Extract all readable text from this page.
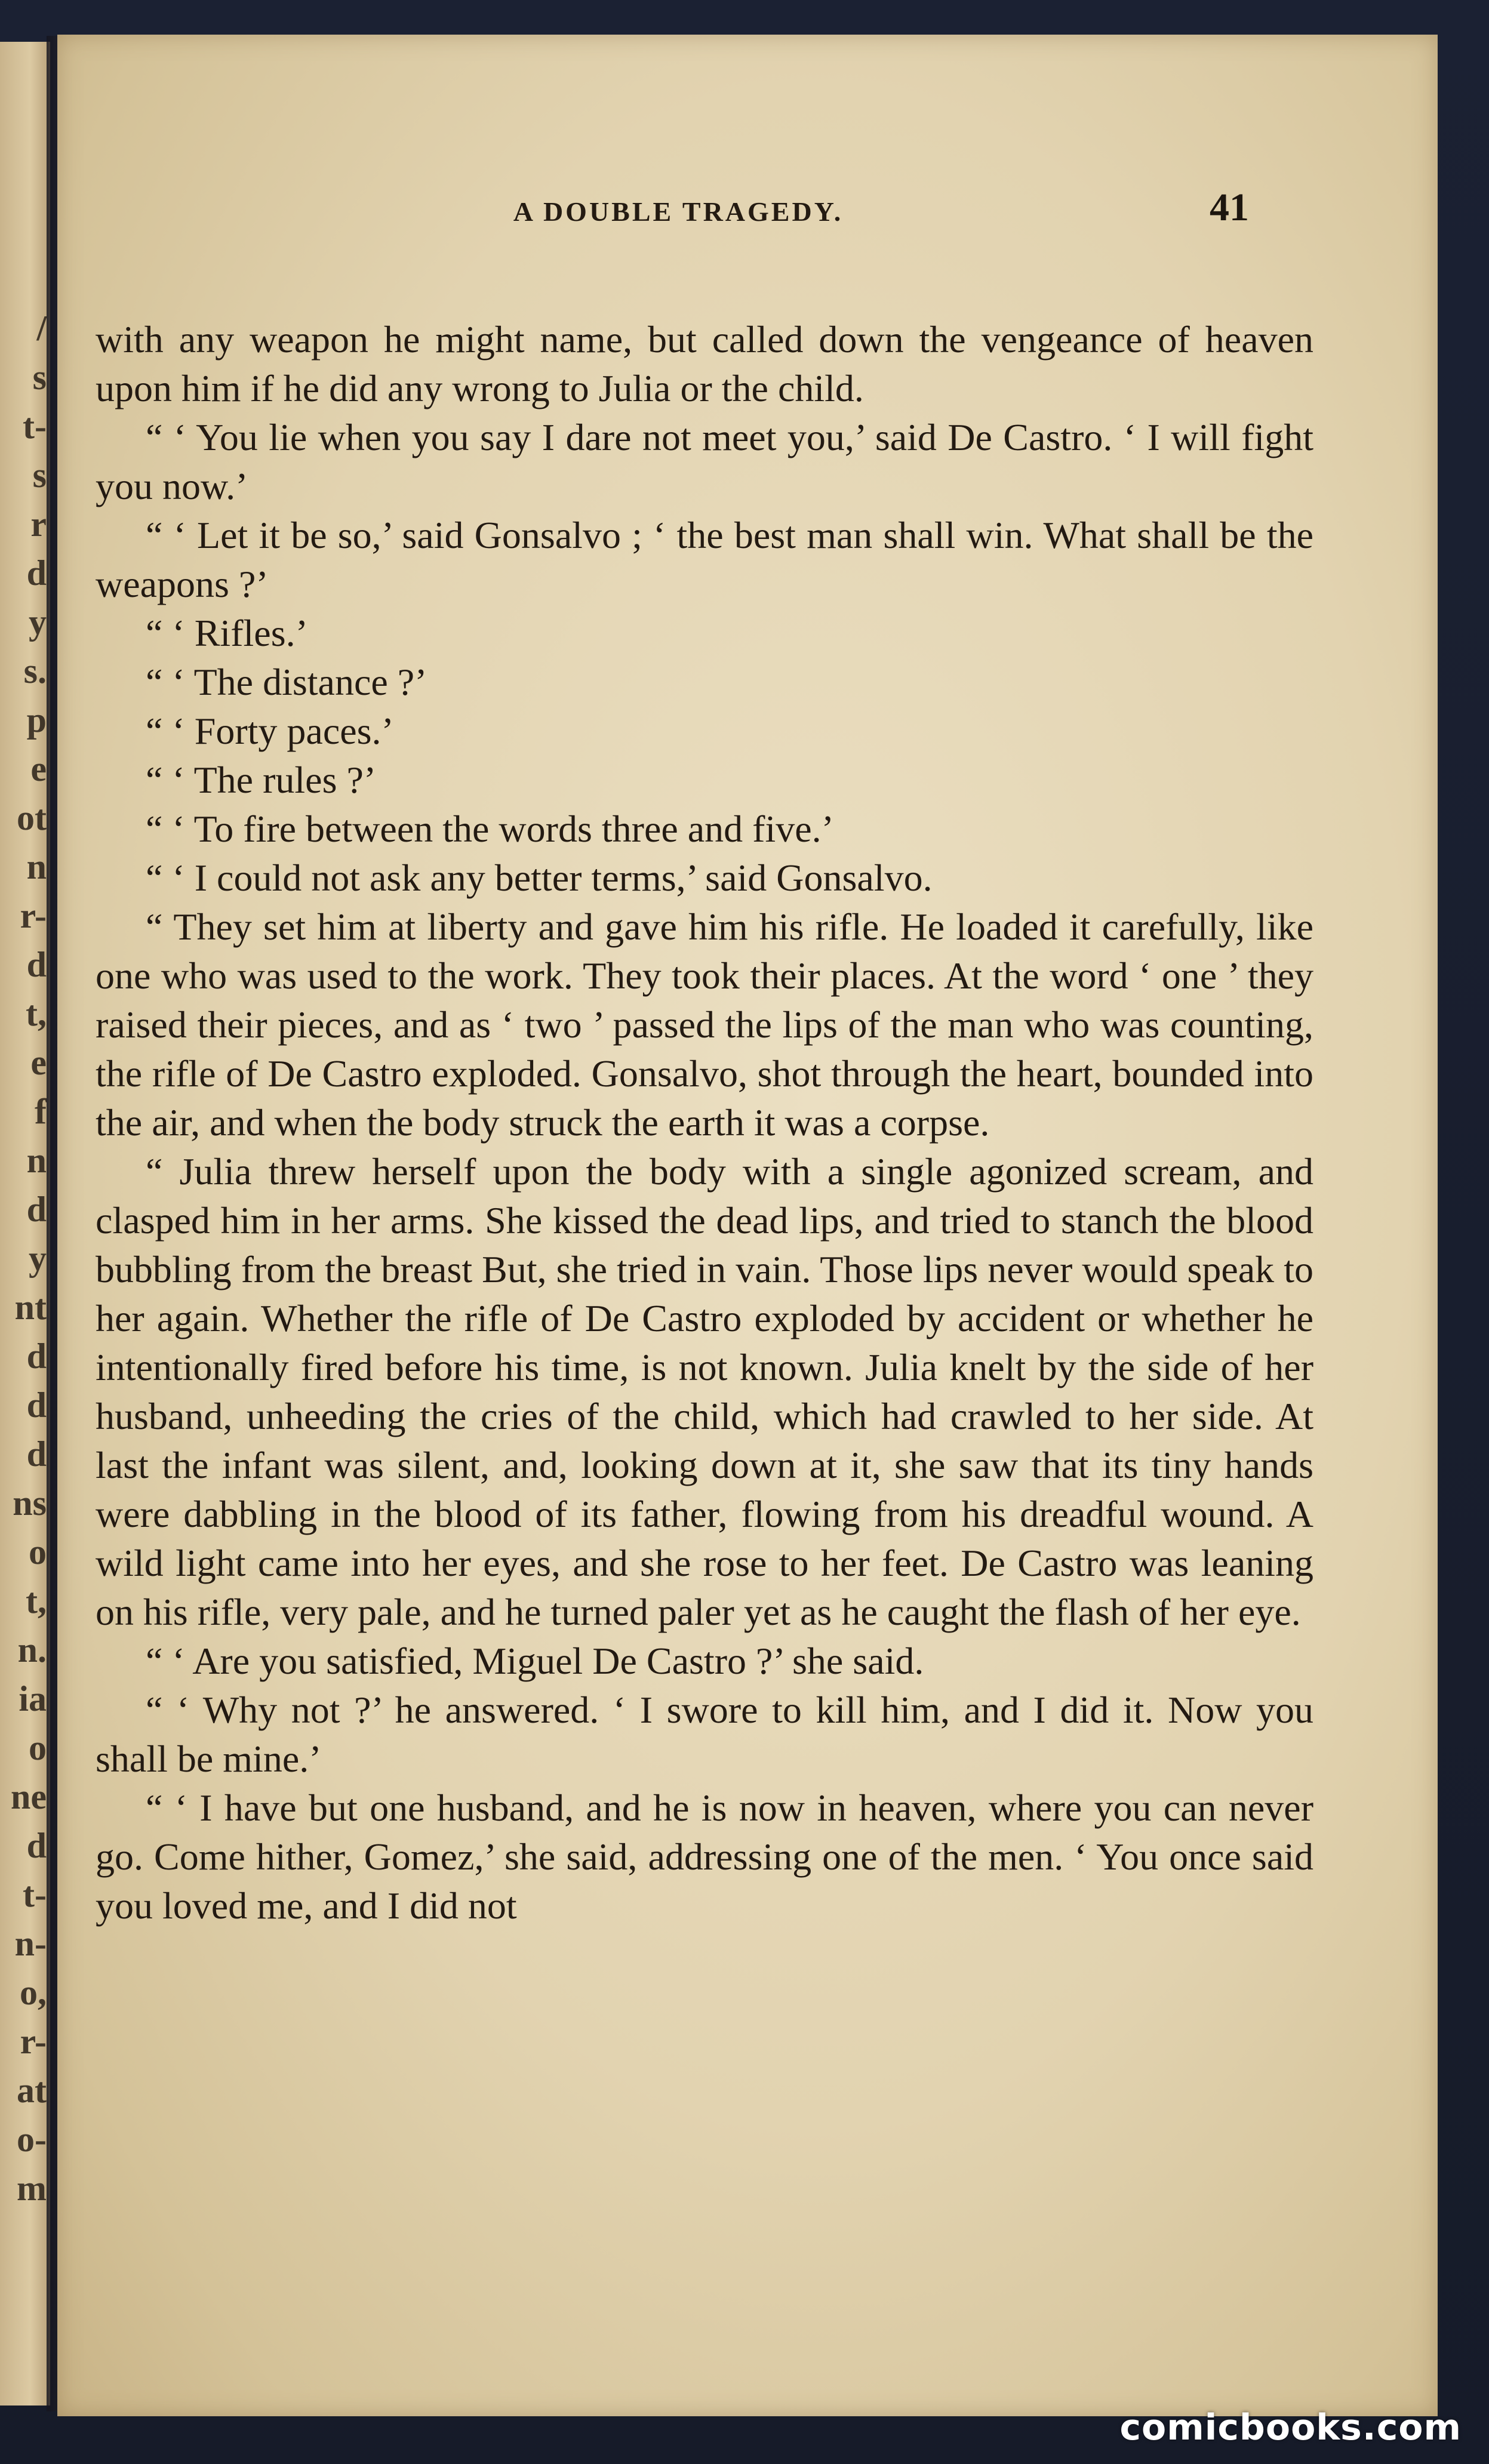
/
s
t-
s
r
d
y
s.
p
e
ot
n
r-
d
t,
e
f
n
d
y
nt
d
d
d
ns
o
t,
n.
ia
o
ne
d
t-
n-
o,
r-
at
o-
m
A DOUBLE TRAGEDY.	41

with any weapon he might name, but called down the vengeance of heaven upon him if he did any wrong to Julia or the child.

“ ‘ You lie when you say I dare not meet you,’ said De Castro. ‘ I will fight you now.’

“ ‘ Let it be so,’ said Gonsalvo ; ‘ the best man shall win. What shall be the weapons ?’

“ ‘ Rifles.’

“ ‘ The distance ?’

“ ‘ Forty paces.’

“ ‘ The rules ?’

“ ‘ To fire between the words three and five.’

“ ‘ I could not ask any better terms,’ said Gonsalvo.

“ They set him at liberty and gave him his rifle. He loaded it carefully, like one who was used to the work. They took their places. At the word ‘ one ’ they raised their pieces, and as ‘ two ’ passed the lips of the man who was counting, the rifle of De Castro exploded. Gonsalvo, shot through the heart, bounded into the air, and when the body struck the earth it was a corpse.

“ Julia threw herself upon the body with a single agonized scream, and clasped him in her arms. She kissed the dead lips, and tried to stanch the blood bubbling from the breast But, she tried in vain. Those lips never would speak to her again. Whether the rifle of De Castro exploded by accident or whether he intentionally fired before his time, is not known. Julia knelt by the side of her husband, unheeding the cries of the child, which had crawled to her side. At last the infant was silent, and, looking down at it, she saw that its tiny hands were dabbling in the blood of its father, flowing from his dreadful wound. A wild light came into her eyes, and she rose to her feet. De Castro was leaning on his rifle, very pale, and he turned paler yet as he caught the flash of her eye.

“ ‘ Are you satisfied, Miguel De Castro ?’ she said.

“ ‘ Why not ?’ he answered. ‘ I swore to kill him, and I did it. Now you shall be mine.’

“ ‘ I have but one husband, and he is now in heaven, where you can never go. Come hither, Gomez,’ she said, addressing one of the men. ‘ You once said you loved me, and I did not

comicbooks.com
